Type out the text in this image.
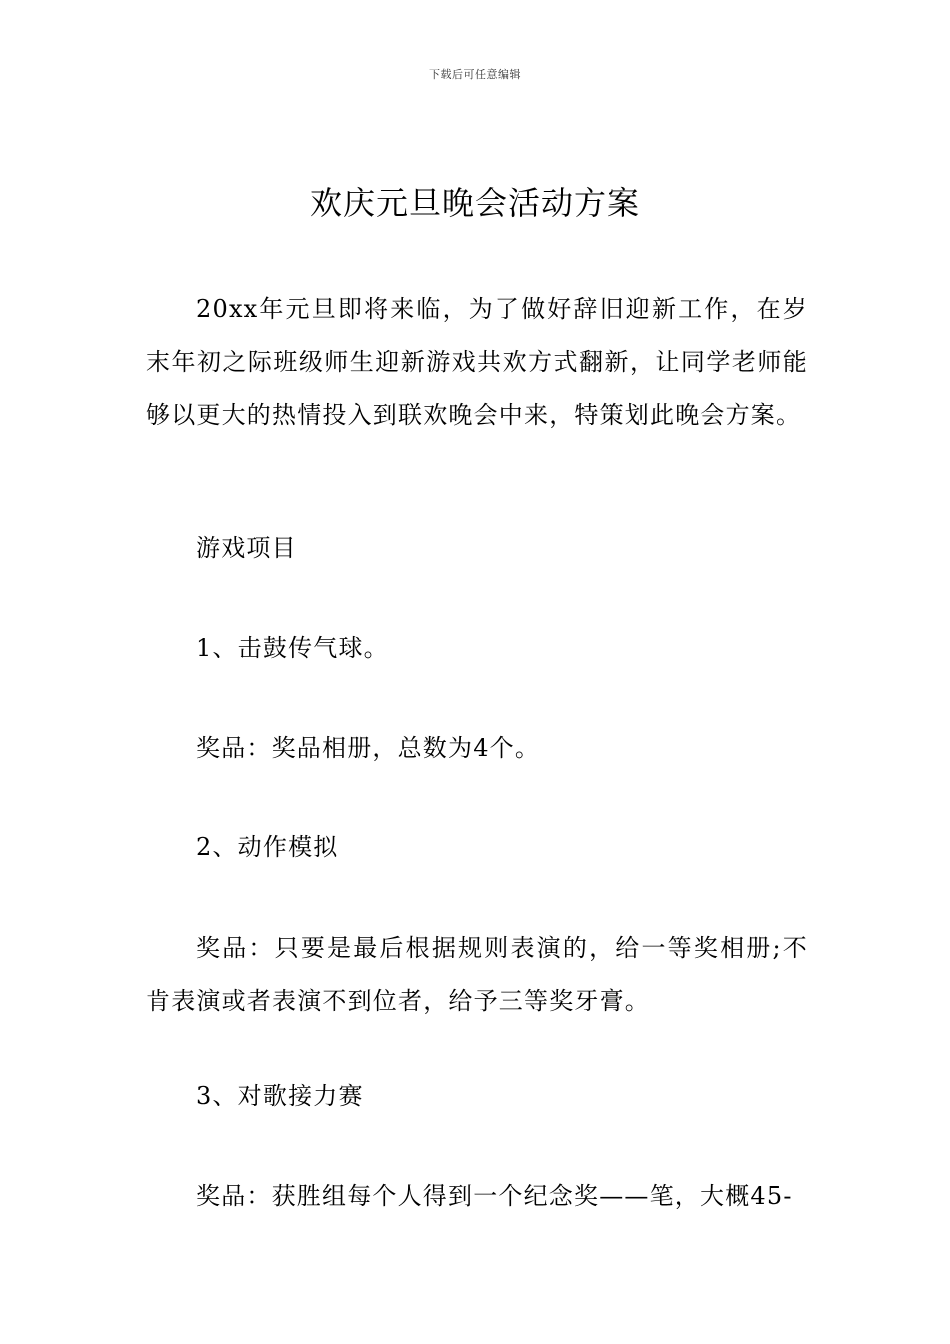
下载后可任意编辑
欢庆元旦晚会活动方案

20xx年元旦即将来临，为了做好辞旧迎新工作，在岁末年初之际班级师生迎新游戏共欢方式翻新，让同学老师能够以更大的热情投入到联欢晚会中来，特策划此晚会方案。

游戏项目
1、击鼓传气球。
奖品：奖品相册，总数为4个。
2、动作模拟

奖品：只要是最后根据规则表演的，给一等奖相册;不肯表演或者表演不到位者，给予三等奖牙膏。

3、对歌接力赛
奖品：获胜组每个人得到一个纪念奖——笔，大概45-
